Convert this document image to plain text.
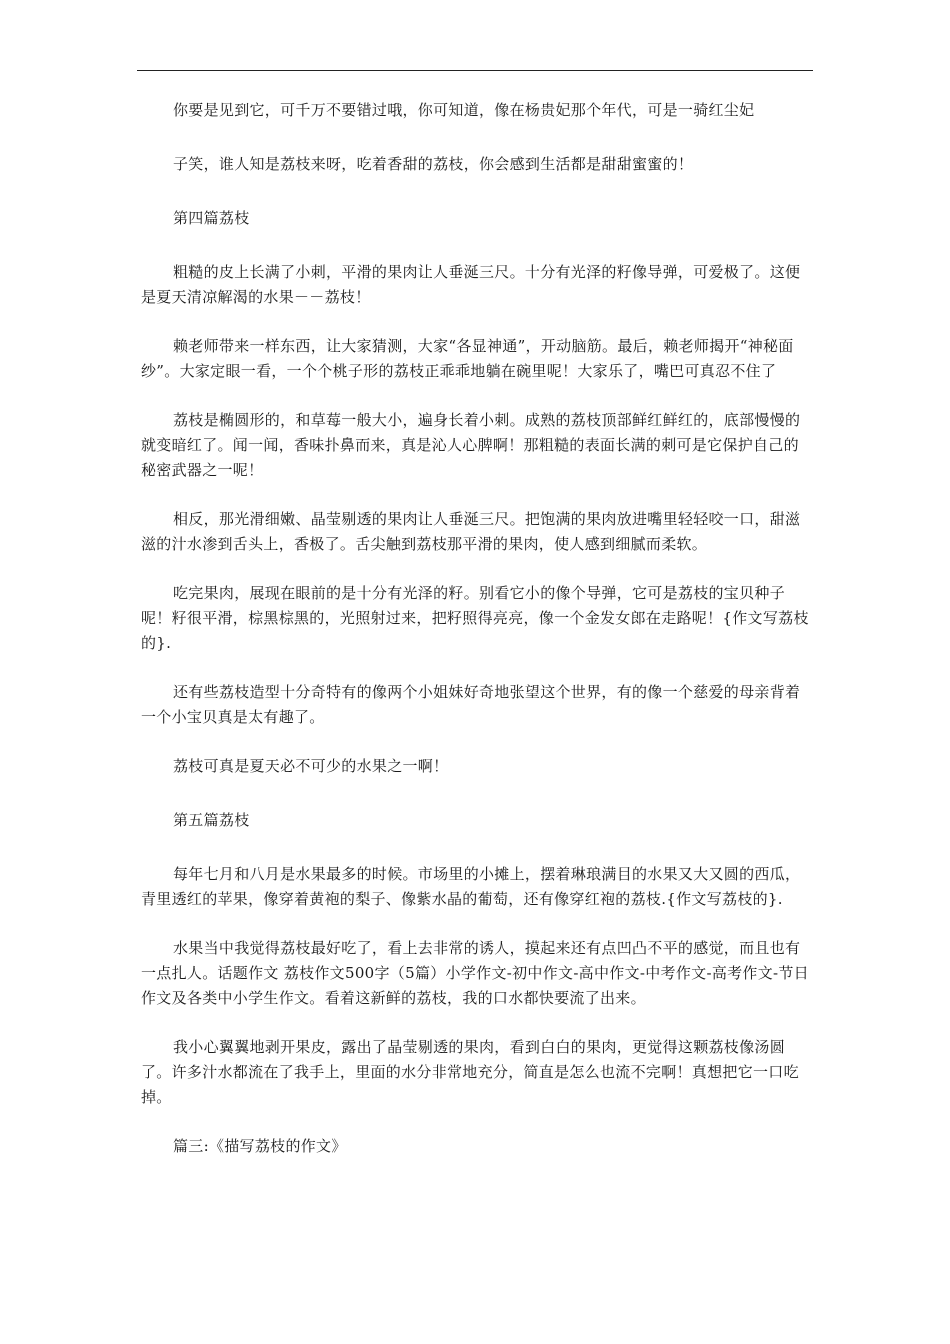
你要是见到它，可千万不要错过哦，你可知道，像在杨贵妃那个年代，可是一骑红尘妃

子笑，谁人知是荔枝来呀，吃着香甜的荔枝，你会感到生活都是甜甜蜜蜜的！

第四篇荔枝

粗糙的皮上长满了小刺，平滑的果肉让人垂涎三尺。十分有光泽的籽像导弹，可爱极了。这便是夏天清凉解渴的水果－－荔枝！

赖老师带来一样东西，让大家猜测，大家“各显神通”，开动脑筋。最后，赖老师揭开“神秘面纱”。大家定眼一看，一个个桃子形的荔枝正乖乖地躺在碗里呢！大家乐了，嘴巴可真忍不住了

荔枝是椭圆形的，和草莓一般大小，遍身长着小刺。成熟的荔枝顶部鲜红鲜红的，底部慢慢的就变暗红了。闻一闻，香味扑鼻而来，真是沁人心脾啊！那粗糙的表面长满的刺可是它保护自己的秘密武器之一呢！

相反，那光滑细嫩、晶莹剔透的果肉让人垂涎三尺。把饱满的果肉放进嘴里轻轻咬一口，甜滋滋的汁水渗到舌头上，香极了。舌尖触到荔枝那平滑的果肉，使人感到细腻而柔软。

吃完果肉，展现在眼前的是十分有光泽的籽。别看它小的像个导弹，它可是荔枝的宝贝种子呢！籽很平滑，棕黑棕黑的，光照射过来，把籽照得亮亮，像一个金发女郎在走路呢！{作文写荔枝的}.

还有些荔枝造型十分奇特有的像两个小姐妹好奇地张望这个世界，有的像一个慈爱的母亲背着一个小宝贝真是太有趣了。

荔枝可真是夏天必不可少的水果之一啊！

第五篇荔枝

每年七月和八月是水果最多的时候。市场里的小摊上，摆着琳琅满目的水果又大又圆的西瓜，青里透红的苹果，像穿着黄袍的梨子、像紫水晶的葡萄，还有像穿红袍的荔枝.{作文写荔枝的}.

水果当中我觉得荔枝最好吃了，看上去非常的诱人，摸起来还有点凹凸不平的感觉，而且也有一点扎人。话题作文 荔枝作文500字（5篇）小学作文-初中作文-高中作文-中考作文-高考作文-节日作文及各类中小学生作文。看着这新鲜的荔枝，我的口水都快要流了出来。

我小心翼翼地剥开果皮，露出了晶莹剔透的果肉，看到白白的果肉，更觉得这颗荔枝像汤圆了。许多汁水都流在了我手上，里面的水分非常地充分，简直是怎么也流不完啊！真想把它一口吃掉。

篇三:《描写荔枝的作文》
